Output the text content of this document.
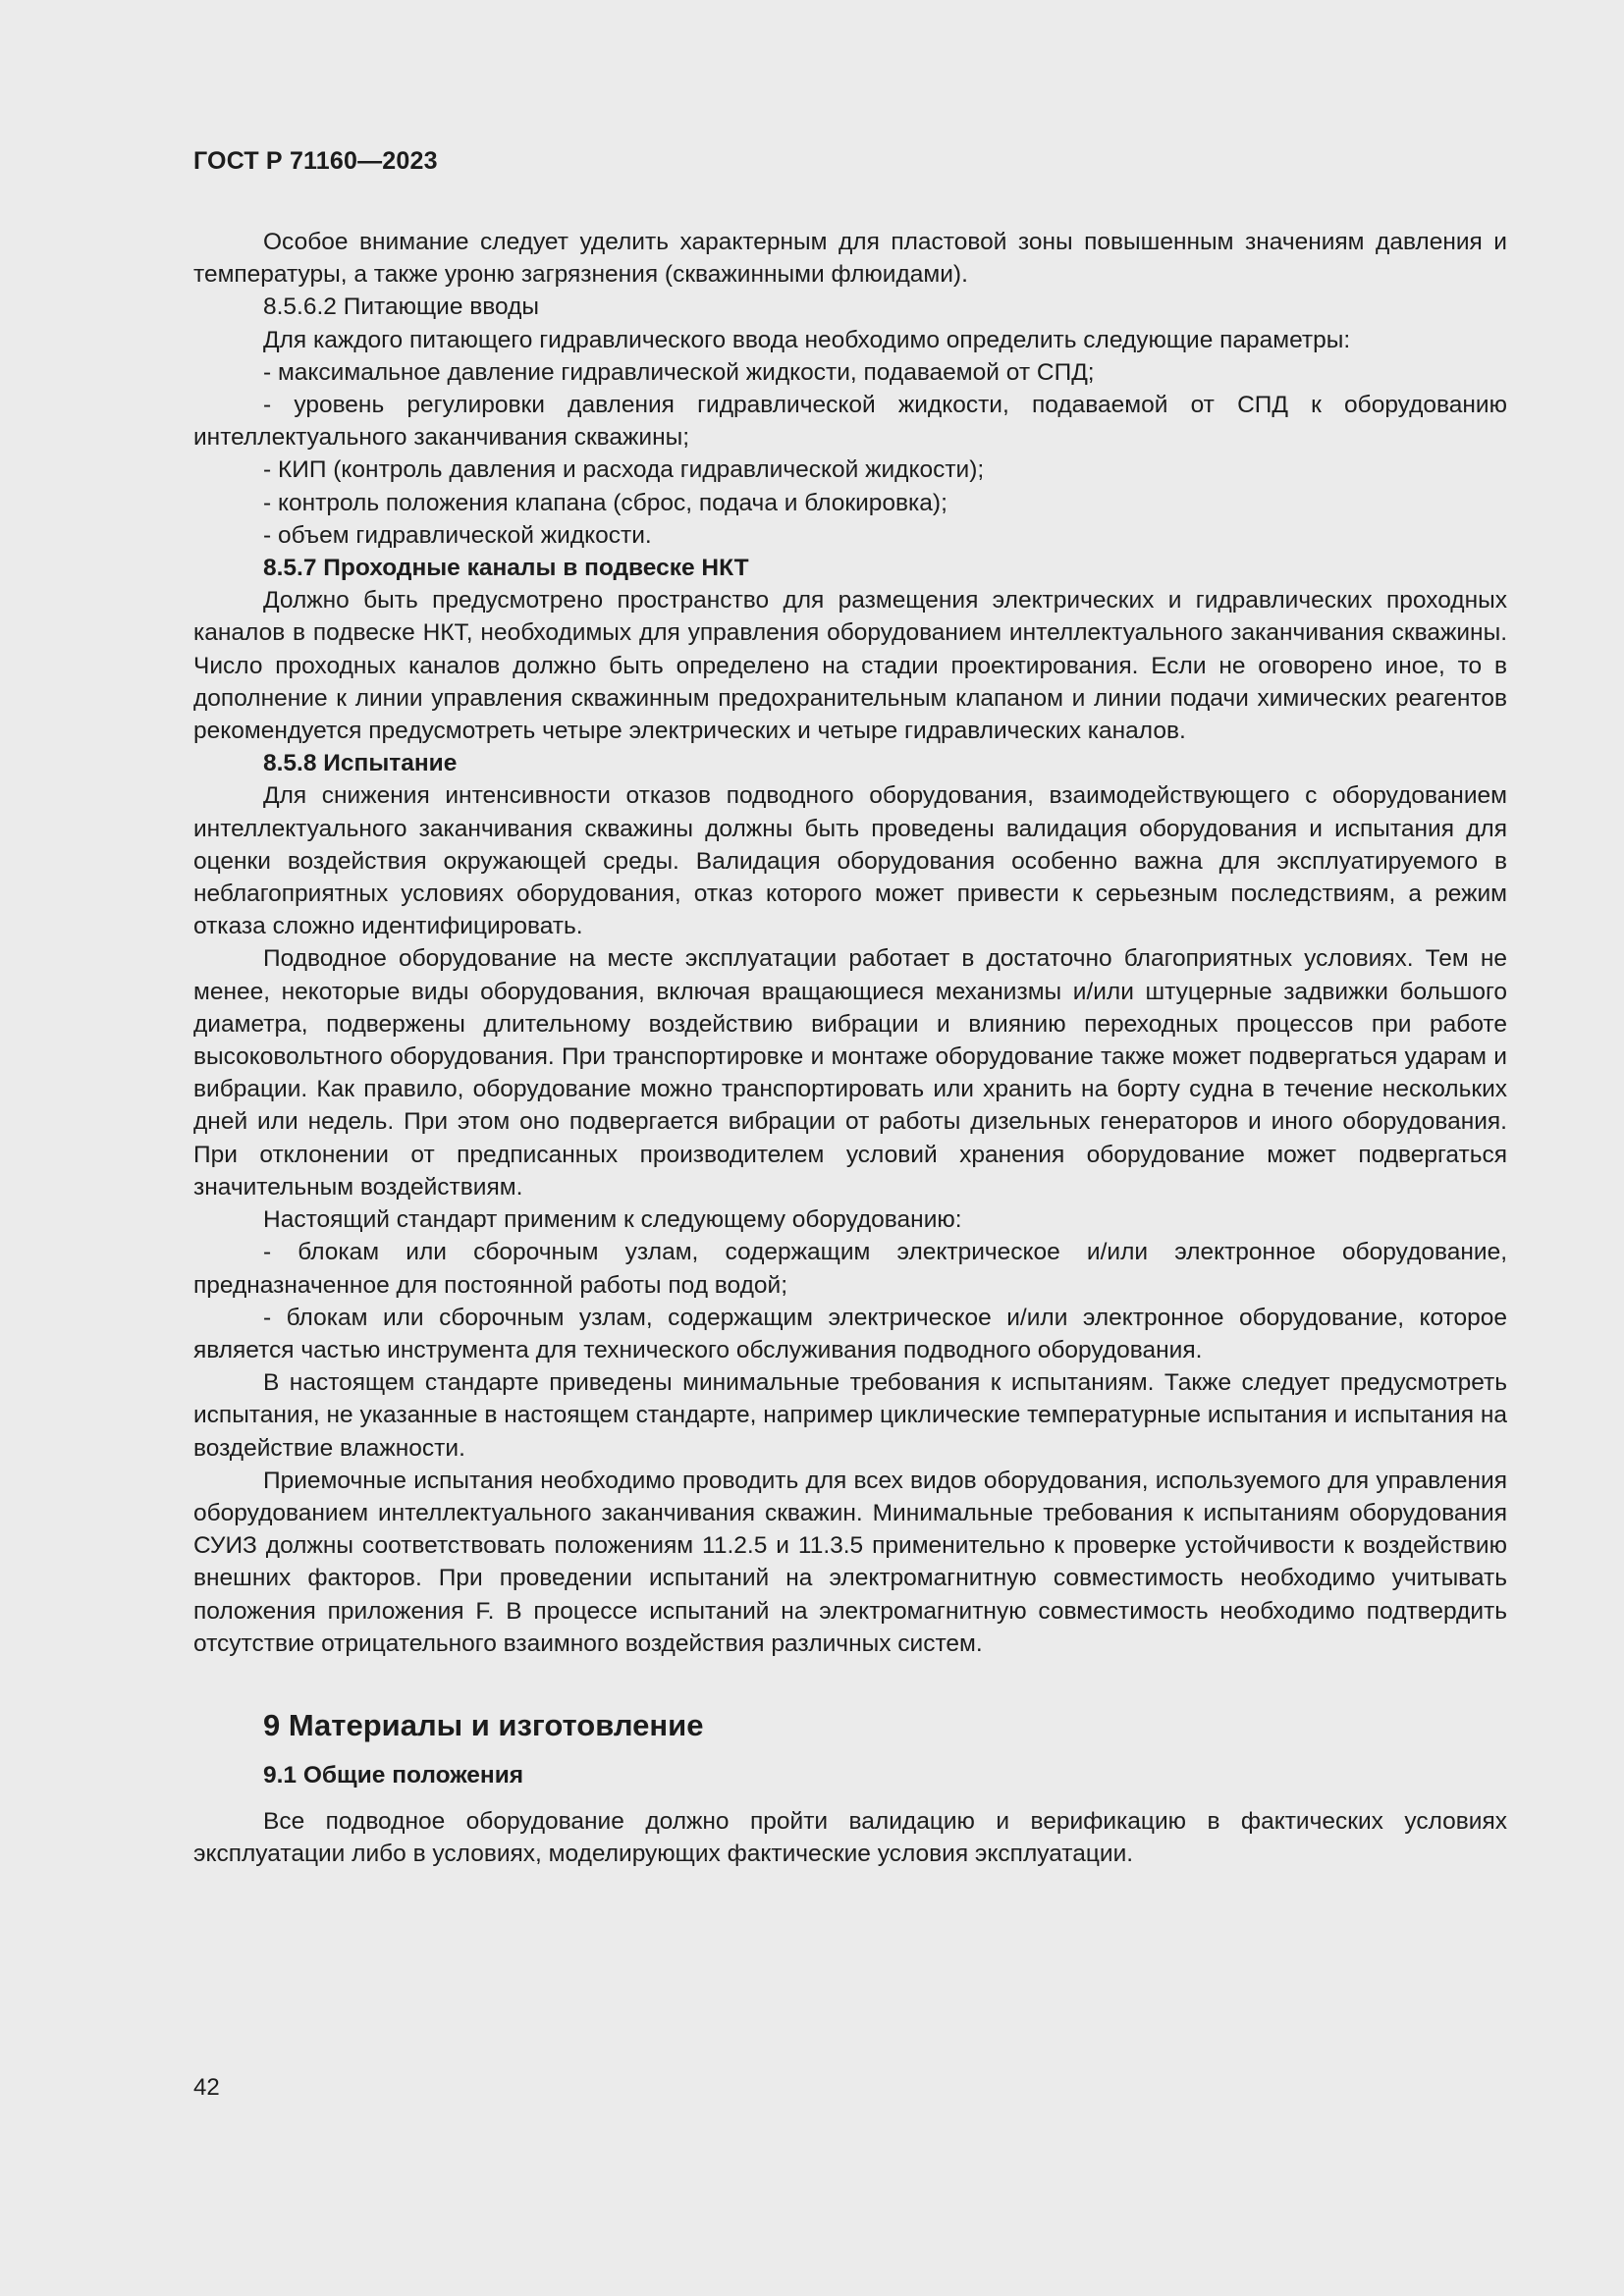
ГОСТ Р 71160—2023

Особое внимание следует уделить характерным для пластовой зоны повышенным значениям давления и температуры, а также уроню загрязнения (скважинными флюидами).

8.5.6.2 Питающие вводы

Для каждого питающего гидравлического ввода необходимо определить следующие параметры:

- максимальное давление гидравлической жидкости, подаваемой от СПД;

- уровень регулировки давления гидравлической жидкости, подаваемой от СПД к оборудованию интеллектуального заканчивания скважины;

- КИП (контроль давления и расхода гидравлической жидкости);

- контроль положения клапана (сброс, подача и блокировка);

- объем гидравлической жидкости.

8.5.7 Проходные каналы в подвеске НКТ

Должно быть предусмотрено пространство для размещения электрических и гидравлических проходных каналов в подвеске НКТ, необходимых для управления оборудованием интеллектуального заканчивания скважины. Число проходных каналов должно быть определено на стадии проектирования. Если не оговорено иное, то в дополнение к линии управления скважинным предохранительным клапаном и линии подачи химических реагентов рекомендуется предусмотреть четыре электрических и четыре гидравлических каналов.

8.5.8 Испытание

Для снижения интенсивности отказов подводного оборудования, взаимодействующего с оборудованием интеллектуального заканчивания скважины должны быть проведены валидация оборудования и испытания для оценки воздействия окружающей среды. Валидация оборудования особенно важна для эксплуатируемого в неблагоприятных условиях оборудования, отказ которого может привести к серьезным последствиям, а режим отказа сложно идентифицировать.

Подводное оборудование на месте эксплуатации работает в достаточно благоприятных условиях. Тем не менее, некоторые виды оборудования, включая вращающиеся механизмы и/или штуцерные задвижки большого диаметра, подвержены длительному воздействию вибрации и влиянию переходных процессов при работе высоковольтного оборудования. При транспортировке и монтаже оборудование также может подвергаться ударам и вибрации. Как правило, оборудование можно транспортировать или хранить на борту судна в течение нескольких дней или недель. При этом оно подвергается вибрации от работы дизельных генераторов и иного оборудования. При отклонении от предписанных производителем условий хранения оборудование может подвергаться значительным воздействиям.

Настоящий стандарт применим к следующему оборудованию:

- блокам или сборочным узлам, содержащим электрическое и/или электронное оборудование, предназначенное для постоянной работы под водой;

- блокам или сборочным узлам, содержащим электрическое и/или электронное оборудование, которое является частью инструмента для технического обслуживания подводного оборудования.

В настоящем стандарте приведены минимальные требования к испытаниям. Также следует предусмотреть испытания, не указанные в настоящем стандарте, например циклические температурные испытания и испытания на воздействие влажности.

Приемочные испытания необходимо проводить для всех видов оборудования, используемого для управления оборудованием интеллектуального заканчивания скважин. Минимальные требования к испытаниям оборудования СУИЗ должны соответствовать положениям 11.2.5 и 11.3.5 применительно к проверке устойчивости к воздействию внешних факторов. При проведении испытаний на электромагнитную совместимость необходимо учитывать положения приложения F. В процессе испытаний на электромагнитную совместимость необходимо подтвердить отсутствие отрицательного взаимного воздействия различных систем.

9 Материалы и изготовление
9.1 Общие положения

Все подводное оборудование должно пройти валидацию и верификацию в фактических условиях эксплуатации либо в условиях, моделирующих фактические условия эксплуатации.

42
